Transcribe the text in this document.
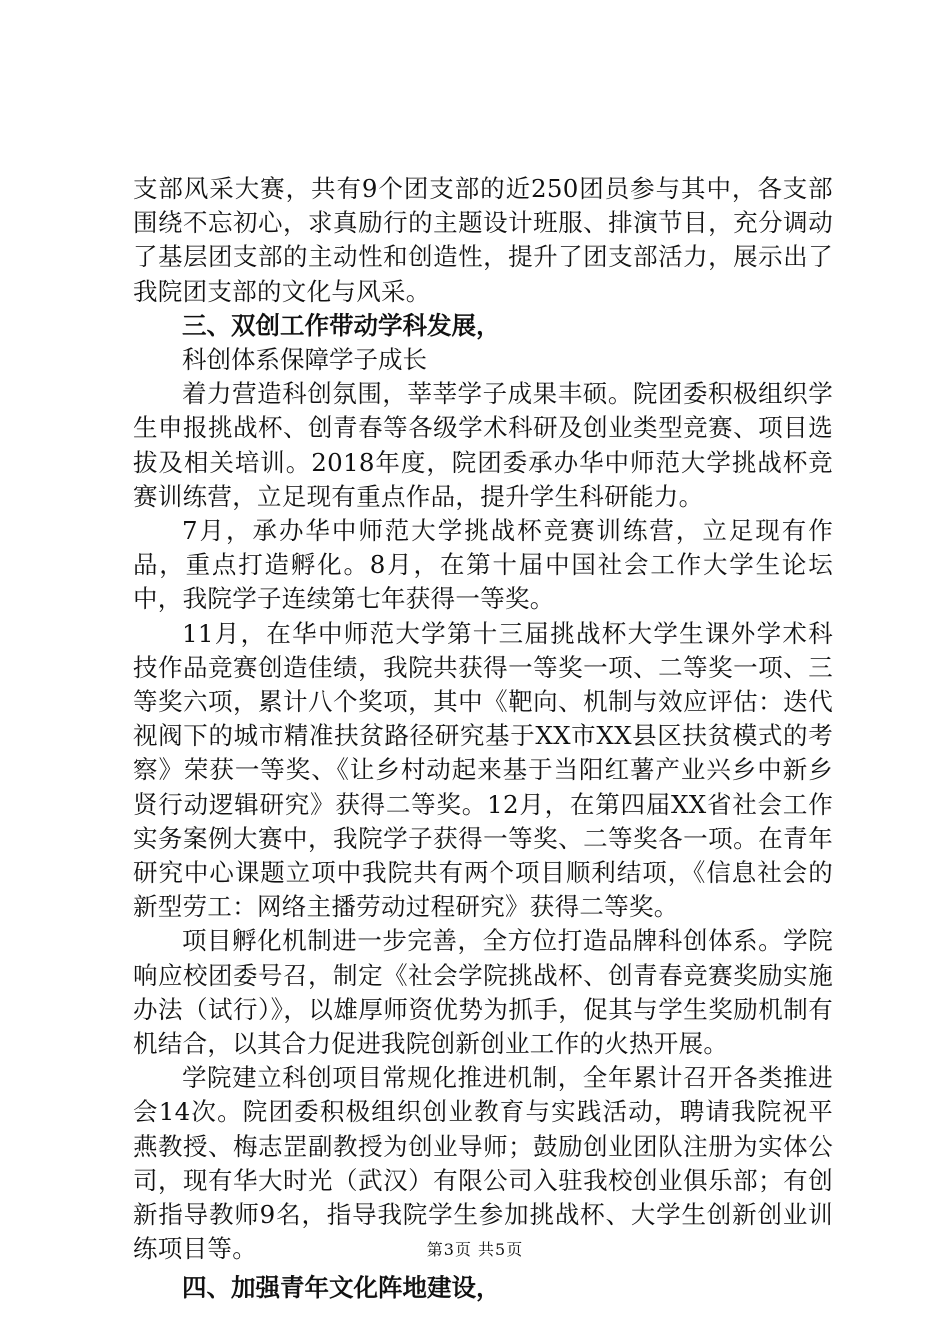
支部风采大赛，共有9个团支部的近250团员参与其中，各支部围绕不忘初心，求真励行的主题设计班服、排演节目，充分调动了基层团支部的主动性和创造性，提升了团支部活力，展示出了我院团支部的文化与风采。

三、双创工作带动学科发展，

科创体系保障学子成长

着力营造科创氛围，莘莘学子成果丰硕。院团委积极组织学生申报挑战杯、创青春等各级学术科研及创业类型竞赛、项目选拔及相关培训。2018年度，院团委承办华中师范大学挑战杯竞赛训练营，立足现有重点作品，提升学生科研能力。

7月，承办华中师范大学挑战杯竞赛训练营，立足现有作品，重点打造孵化。8月，在第十届中国社会工作大学生论坛中，我院学子连续第七年获得一等奖。

11月，在华中师范大学第十三届挑战杯大学生课外学术科技作品竞赛创造佳绩，我院共获得一等奖一项、二等奖一项、三等奖六项，累计八个奖项，其中《靶向、机制与效应评估：迭代视阀下的城市精准扶贫路径研究基于XX市XX县区扶贫模式的考察》荣获一等奖、《让乡村动起来基于当阳红薯产业兴乡中新乡贤行动逻辑研究》获得二等奖。12月，在第四届XX省社会工作实务案例大赛中，我院学子获得一等奖、二等奖各一项。在青年研究中心课题立项中我院共有两个项目顺利结项，《信息社会的新型劳工：网络主播劳动过程研究》获得二等奖。

项目孵化机制进一步完善，全方位打造品牌科创体系。学院响应校团委号召，制定《社会学院挑战杯、创青春竞赛奖励实施办法（试行）》，以雄厚师资优势为抓手，促其与学生奖励机制有机结合，以其合力促进我院创新创业工作的火热开展。

学院建立科创项目常规化推进机制，全年累计召开各类推进会14次。院团委积极组织创业教育与实践活动，聘请我院祝平燕教授、梅志罡副教授为创业导师；鼓励创业团队注册为实体公司，现有华大时光（武汉）有限公司入驻我校创业俱乐部；有创新指导教师9名，指导我院学生参加挑战杯、大学生创新创业训练项目等。

四、加强青年文化阵地建设，

第3页 共5页
